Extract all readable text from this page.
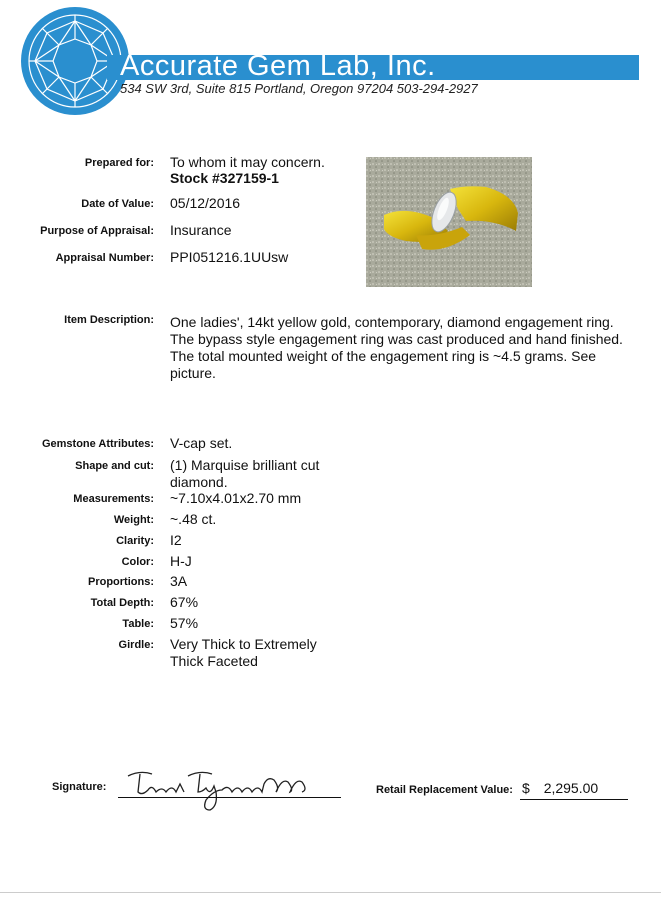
Accurate Gem Lab, Inc.
534 SW 3rd, Suite 815 Portland, Oregon 97204 503-294-2927
Prepared for: To whom it may concern.
Stock #327159-1
Date of Value: 05/12/2016
Purpose of Appraisal: Insurance
Appraisal Number: PPI051216.1UUsw
Item Description: One ladies', 14kt yellow gold, contemporary, diamond engagement ring. The bypass style engagement ring was cast produced and hand finished. The total mounted weight of the engagement ring is ~4.5 grams. See picture.
Gemstone Attributes: V-cap set.
Shape and cut: (1) Marquise brilliant cut diamond.
Measurements: ~7.10x4.01x2.70 mm
Weight: ~.48 ct.
Clarity: I2
Color: H-J
Proportions: 3A
Total Depth: 67%
Table: 57%
Girdle: Very Thick to Extremely Thick Faceted
Signature:	Retail Replacement Value: $ 2,295.00
